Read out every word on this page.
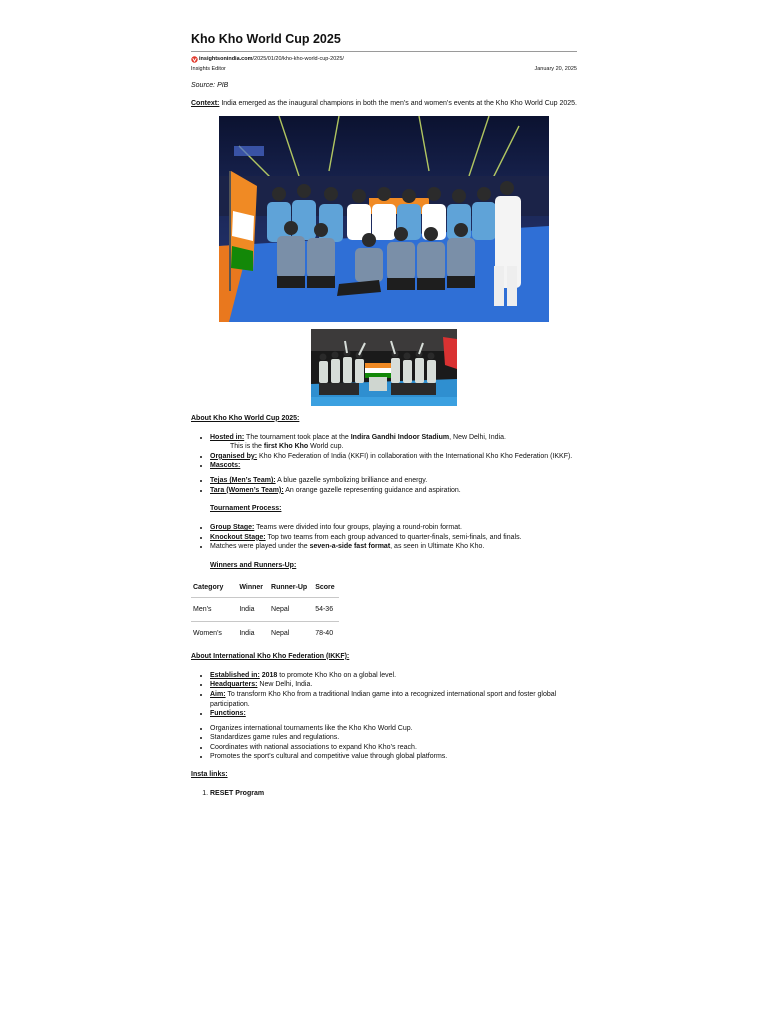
Kho Kho World Cup 2025
insightsonindia.com/2025/01/20/kho-kho-world-cup-2025/
Insights Editor	January 20, 2025
Source: PIB

Context: India emerged as the inaugural champions in both the men’s and women’s events at the Kho Kho World Cup 2025.

About Kho Kho World Cup 2025:
• Hosted in: The tournament took place at the Indira Gandhi Indoor Stadium, New Delhi, India.
This is the first Kho Kho World cup.
• Organised by: Kho Kho Federation of India (KKFI) in collaboration with the International Kho Kho Federation (IKKF).
• Mascots:
• Tejas (Men’s Team): A blue gazelle symbolizing brilliance and energy.
• Tara (Women’s Team): An orange gazelle representing guidance and aspiration.
Tournament Process:
• Group Stage: Teams were divided into four groups, playing a round-robin format.
• Knockout Stage: Top two teams from each group advanced to quarter-finals, semi-finals, and finals.
• Matches were played under the seven-a-side fast format, as seen in Ultimate Kho Kho.
Winners and Runners-Up:
Category	Winner	Runner-Up	Score
Men’s	India	Nepal	54-36
Women’s	India	Nepal	78-40
About International Kho Kho Federation (IKKF):
• Established in: 2018 to promote Kho Kho on a global level.
• Headquarters: New Delhi, India.
• Aim: To transform Kho Kho from a traditional Indian game into a recognized international sport and foster global participation.
• Functions:
• Organizes international tournaments like the Kho Kho World Cup.
• Standardizes game rules and regulations.
• Coordinates with national associations to expand Kho Kho’s reach.
• Promotes the sport’s cultural and competitive value through global platforms.
Insta links:
1. RESET Program
